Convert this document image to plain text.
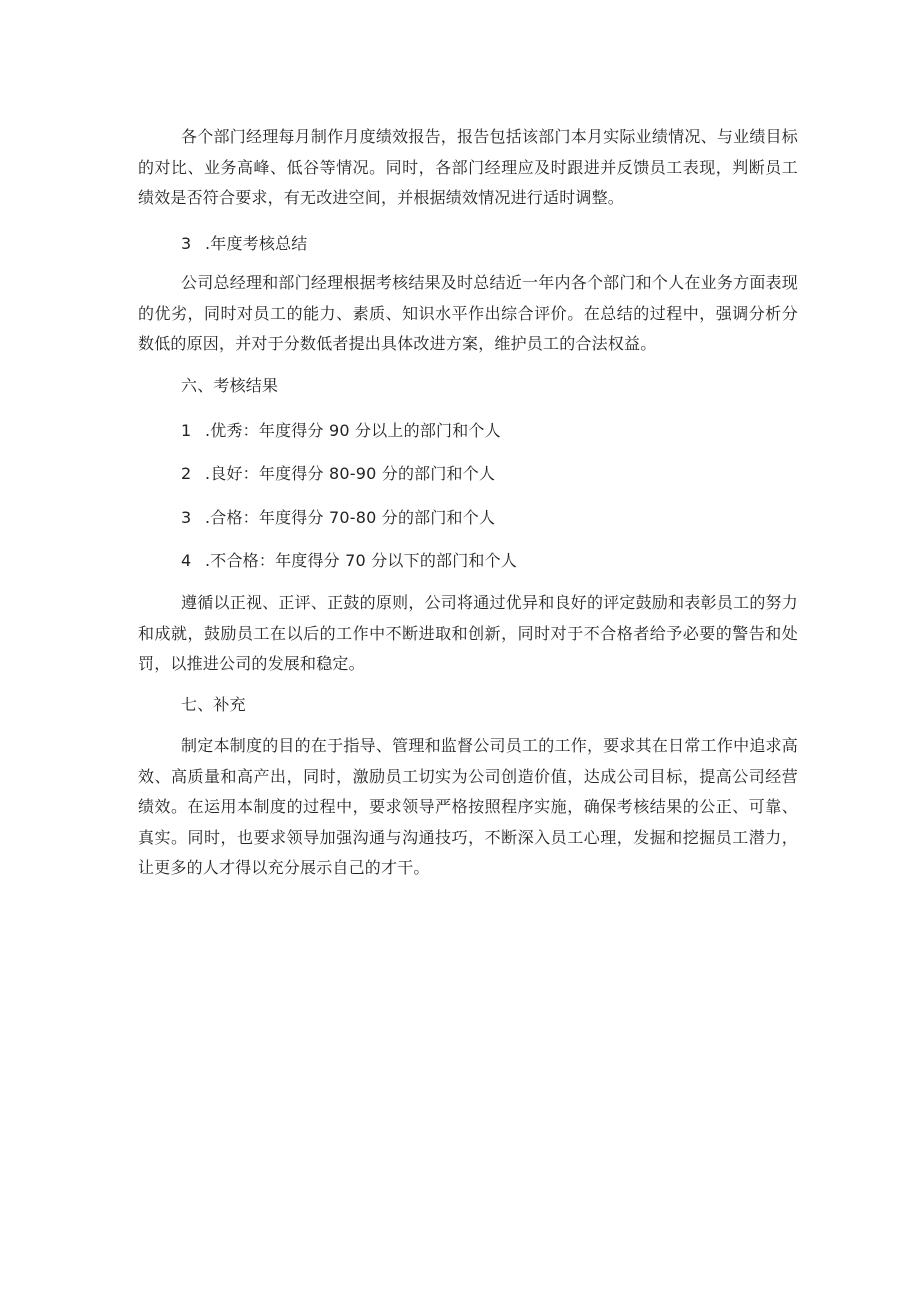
各个部门经理每月制作月度绩效报告，报告包括该部门本月实际业绩情况、与业绩目标的对比、业务高峰、低谷等情况。同时，各部门经理应及时跟进并反馈员工表现，判断员工绩效是否符合要求，有无改进空间，并根据绩效情况进行适时调整。

3 .年度考核总结

公司总经理和部门经理根据考核结果及时总结近一年内各个部门和个人在业务方面表现的优劣，同时对员工的能力、素质、知识水平作出综合评价。在总结的过程中，强调分析分数低的原因，并对于分数低者提出具体改进方案，维护员工的合法权益。

六、考核结果

1 .优秀：年度得分 90 分以上的部门和个人

2 .良好：年度得分 80-90 分的部门和个人

3 .合格：年度得分 70-80 分的部门和个人

4 .不合格：年度得分 70 分以下的部门和个人

遵循以正视、正评、正鼓的原则，公司将通过优异和良好的评定鼓励和表彰员工的努力和成就，鼓励员工在以后的工作中不断进取和创新，同时对于不合格者给予必要的警告和处罚，以推进公司的发展和稳定。

七、补充

制定本制度的目的在于指导、管理和监督公司员工的工作，要求其在日常工作中追求高效、高质量和高产出，同时，激励员工切实为公司创造价值，达成公司目标，提高公司经营绩效。在运用本制度的过程中，要求领导严格按照程序实施，确保考核结果的公正、可靠、真实。同时，也要求领导加强沟通与沟通技巧，不断深入员工心理，发掘和挖掘员工潜力，让更多的人才得以充分展示自己的才干。
